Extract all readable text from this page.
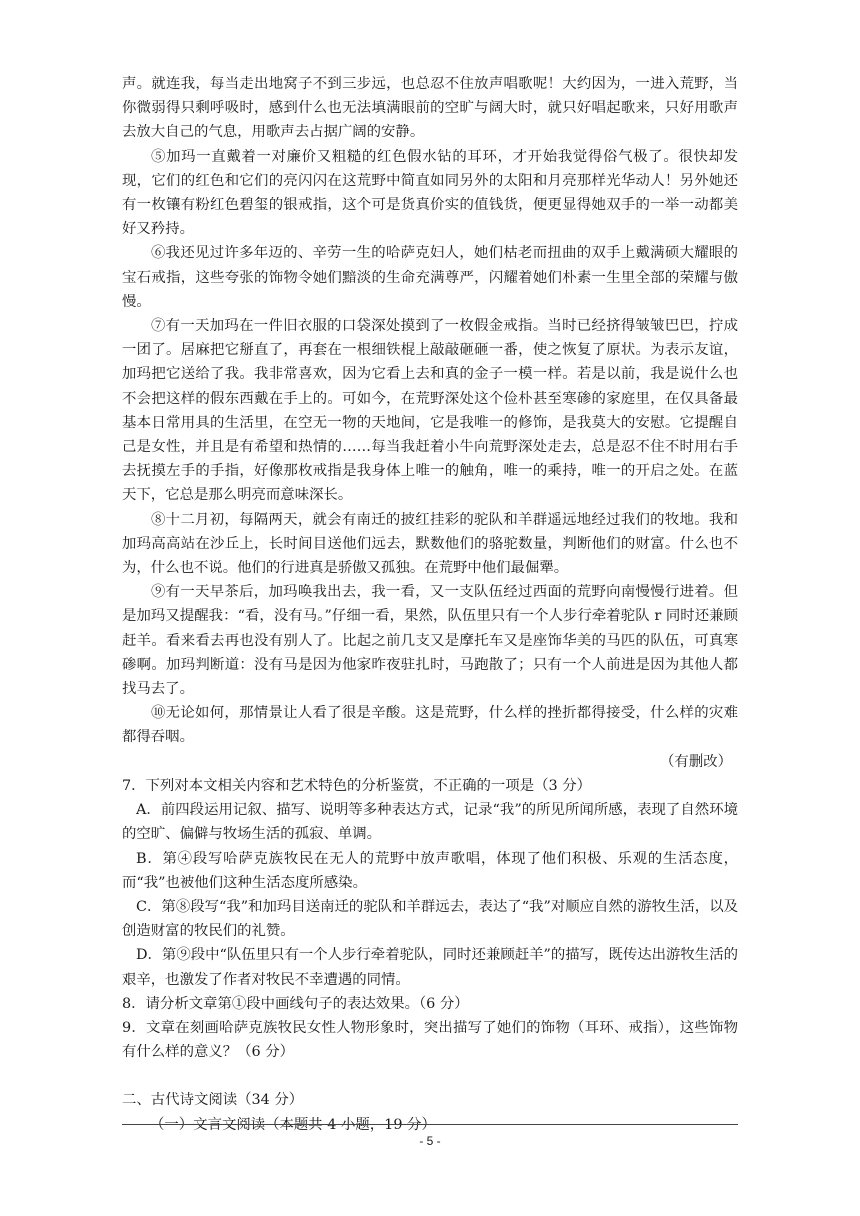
声。就连我，每当走出地窝子不到三步远，也总忍不住放声唱歌呢！大约因为，一进入荒野，当你微弱得只剩呼吸时，感到什么也无法填满眼前的空旷与阔大时，就只好唱起歌来，只好用歌声去放大自己的气息，用歌声去占据广阔的安静。

⑤加玛一直戴着一对廉价又粗糙的红色假水钻的耳环，才开始我觉得俗气极了。很快却发现，它们的红色和它们的亮闪闪在这荒野中简直如同另外的太阳和月亮那样光华动人！另外她还有一枚镶有粉红色碧玺的银戒指，这个可是货真价实的值钱货，便更显得她双手的一举一动都美好又矜持。

⑥我还见过许多年迈的、辛劳一生的哈萨克妇人，她们枯老而扭曲的双手上戴满硕大耀眼的宝石戒指，这些夸张的饰物令她们黯淡的生命充满尊严，闪耀着她们朴素一生里全部的荣耀与傲慢。

⑦有一天加玛在一件旧衣服的口袋深处摸到了一枚假金戒指。当时已经挤得皱皱巴巴，拧成一团了。居麻把它掰直了，再套在一根细铁棍上敲敲砸砸一番，使之恢复了原状。为表示友谊，加玛把它送给了我。我非常喜欢，因为它看上去和真的金子一模一样。若是以前，我是说什么也不会把这样的假东西戴在手上的。可如今，在荒野深处这个俭朴甚至寒碜的家庭里，在仅具备最基本日常用具的生活里，在空无一物的天地间，它是我唯一的修饰，是我莫大的安慰。它提醒自己是女性，并且是有希望和热情的……每当我赶着小牛向荒野深处走去，总是忍不住不时用右手去抚摸左手的手指，好像那枚戒指是我身体上唯一的触角，唯一的乘持，唯一的开启之处。在蓝天下，它总是那么明亮而意味深长。

⑧十二月初，每隔两天，就会有南迁的披红挂彩的驼队和羊群遥远地经过我们的牧地。我和加玛高高站在沙丘上，长时间目送他们远去，默数他们的骆驼数量，判断他们的财富。什么也不为，什么也不说。他们的行进真是骄傲又孤独。在荒野中他们最倔犟。

⑨有一天早茶后，加玛唤我出去，我一看，又一支队伍经过西面的荒野向南慢慢行进着。但是加玛又提醒我：“看，没有马。”仔细一看，果然，队伍里只有一个人步行牵着驼队 r 同时还兼顾赶羊。看来看去再也没有别人了。比起之前几支又是摩托车又是座饰华美的马匹的队伍，可真寒碜啊。加玛判断道：没有马是因为他家昨夜驻扎时，马跑散了；只有一个人前进是因为其他人都找马去了。

⑩无论如何，那情景让人看了很是辛酸。这是荒野，什么样的挫折都得接受，什么样的灾难都得吞咽。

（有删改）

7．下列对本文相关内容和艺术特色的分析鉴赏，不正确的一项是（3 分）

A．前四段运用记叙、描写、说明等多种表达方式，记录“我”的所见所闻所感，表现了自然环境的空旷、偏僻与牧场生活的孤寂、单调。

B．第④段写哈萨克族牧民在无人的荒野中放声歌唱，体现了他们积极、乐观的生活态度，而“我”也被他们这种生活态度所感染。

C．第⑧段写“我”和加玛目送南迁的驼队和羊群远去，表达了“我”对顺应自然的游牧生活，以及创造财富的牧民们的礼赞。

D．第⑨段中“队伍里只有一个人步行牵着驼队，同时还兼顾赶羊”的描写，既传达出游牧生活的艰辛，也激发了作者对牧民不幸遭遇的同情。

8．请分析文章第①段中画线句子的表达效果。（6 分）

9．文章在刻画哈萨克族牧民女性人物形象时，突出描写了她们的饰物（耳环、戒指），这些饰物有什么样的意义？（6 分）

二、古代诗文阅读（34 分）

（一）文言文阅读（本题共 4 小题，19 分）

- 5 -
